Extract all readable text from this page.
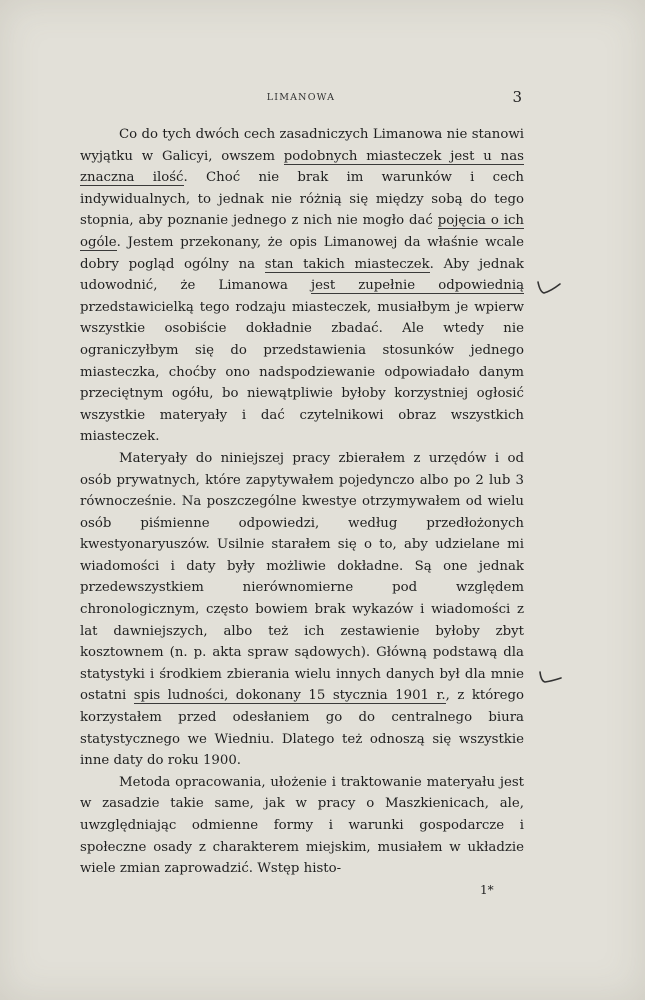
LIMANOWA	3

Co do tych dwóch cech zasadniczych Limanowa nie stanowi wyjątku w Galicyi, owszem podobnych miasteczek jest u nas znaczna ilość. Choć nie brak im warunków i cech indywidualnych, to jednak nie różnią się między sobą do tego stopnia, aby poznanie jednego z nich nie mogło dać pojęcia o ich ogóle. Jestem przekonany, że opis Limanowej da właśnie wcale dobry pogląd ogólny na stan takich miasteczek. Aby jednak udowodnić, że Limanowa jest zupełnie odpowiednią przedstawicielką tego rodzaju miasteczek, musiałbym je wpierw wszystkie osobiście dokładnie zbadać. Ale wtedy nie ograniczyłbym się do przedstawienia stosunków jednego miasteczka, choćby ono nadspodziewanie odpowiadało danym przeciętnym ogółu, bo niewątpliwie byłoby korzystniej ogłosić wszystkie materyały i dać czytelnikowi obraz wszystkich miasteczek.

Materyały do niniejszej pracy zbierałem z urzędów i od osób prywatnych, które zapytywałem pojedynczo albo po 2 lub 3 równocześnie. Na poszczególne kwestye otrzymywałem od wielu osób piśmienne odpowiedzi, według przedłożonych kwestyonaryuszów. Usilnie starałem się o to, aby udzielane mi wiadomości i daty były możliwie dokładne. Są one jednak przedewszystkiem nierównomierne pod względem chronologicznym, często bowiem brak wykazów i wiadomości z lat dawniejszych, albo też ich zestawienie byłoby zbyt kosztownem (n. p. akta spraw sądowych). Główną podstawą dla statystyki i środkiem zbierania wielu innych danych był dla mnie ostatni spis ludności, dokonany 15 stycznia 1901 r., z którego korzystałem przed odesłaniem go do centralnego biura statystycznego we Wiedniu. Dlatego też odnoszą się wszystkie inne daty do roku 1900.

Metoda opracowania, ułożenie i traktowanie materyału jest w zasadzie takie same, jak w pracy o Maszkienicach, ale, uwzględniając odmienne formy i warunki gospodarcze i społeczne osady z charakterem miejskim, musiałem w układzie wiele zmian zaprowadzić. Wstęp histo-

1*
